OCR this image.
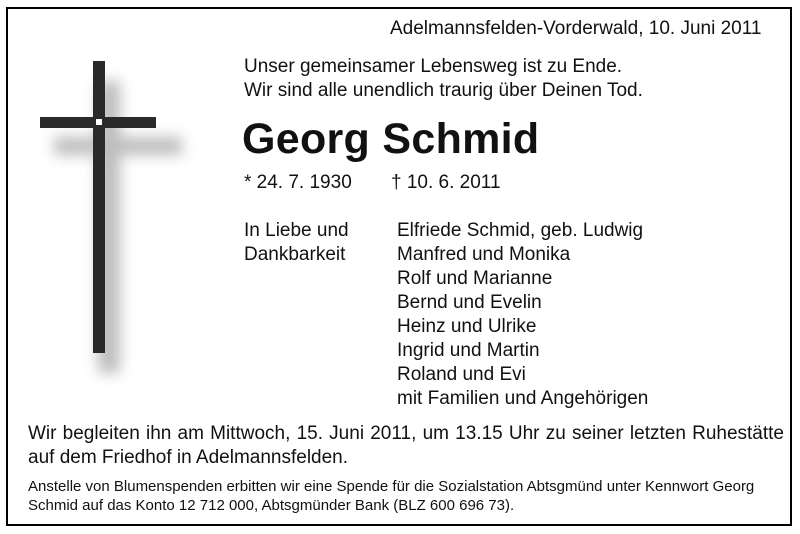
Adelmannsfelden-Vorderwald, 10. Juni 2011
Unser gemeinsamer Lebensweg ist zu Ende.
Wir sind alle unendlich traurig über Deinen Tod.
Georg Schmid
* 24. 7. 1930 † 10. 6. 2011
In Liebe und
Dankbarkeit
Elfriede Schmid, geb. Ludwig
Manfred und Monika
Rolf und Marianne
Bernd und Evelin
Heinz und Ulrike
Ingrid und Martin
Roland und Evi
mit Familien und Angehörigen
Wir begleiten ihn am Mittwoch, 15. Juni 2011, um 13.15 Uhr zu seiner letzten Ruhestätte auf dem Friedhof in Adelmannsfelden.
Anstelle von Blumenspenden erbitten wir eine Spende für die Sozialstation Abtsgmünd unter Kennwort Georg Schmid auf das Konto 12 712 000, Abtsgmünder Bank (BLZ 600 696 73).
